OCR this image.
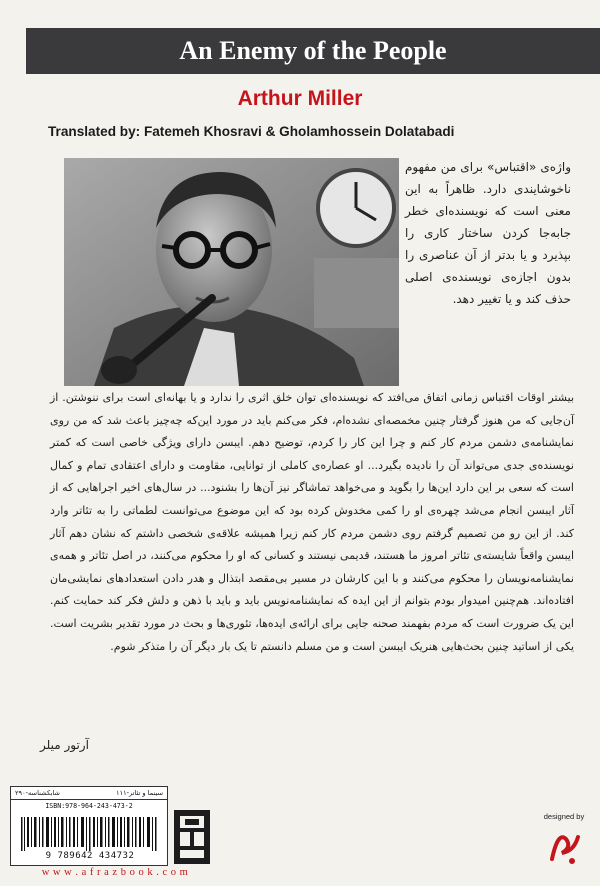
An Enemy of the People
Arthur Miller
Translated by: Fatemeh Khosravi & Gholamhossein Dolatabadi
واژه‌ی «اقتباس» برای من مفهوم ناخوشایندی دارد. ظاهراً به این معنی است که نویسنده‌ای خطر جابه‌جا کردن ساختار کاری را بپذیرد و یا بدتر از آن عناصری را بدون اجازه‌ی نویسنده‌ی اصلی حذف کند و یا تغییر دهد.
بیشتر اوقات اقتباس زمانی اتفاق می‌افتد که نویسنده‌ای توان خلق اثری را ندارد و یا بهانه‌ای است برای ننوشتن. از آن‌جایی که من هنوز گرفتار چنین مخمصه‌ای نشده‌ام، فکر می‌کنم باید در مورد این‌که چه‌چیز باعث شد که من روی نمایشنامه‌ی دشمن مردم کار کنم و چرا این کار را کردم، توضیح دهم. ایبسن دارای ویژگی خاصی است که کمتر نویسنده‌ی جدی می‌تواند آن را نادیده بگیرد... او عصاره‌ی کاملی از توانایی، مقاومت و دارای اعتقادی تمام و کمال است که سعی بر این دارد این‌ها را بگوید و می‌خواهد تماشاگر نیز آن‌ها را بشنود... در سال‌های اخیر اجراهایی که از آثار ایبسن انجام می‌شد چهره‌ی او را کمی مخدوش کرده بود که این موضوع می‌توانست لطماتی را به تئاتر وارد کند. از این رو من تصمیم گرفتم روی دشمن مردم کار کنم زیرا همیشه علاقه‌ی شخصی داشتم که نشان دهم آثار ایبسن واقعاً شایسته‌ی تئاتر امروز ما هستند، قدیمی نیستند و کسانی که او را محکوم می‌کنند، در اصل تئاتر و همه‌ی نمایشنامه‌نویسان را محکوم می‌کنند و با این کارشان در مسیر بی‌مقصد ابتذال و هدر دادن استعدادهای نمایشی‌مان افتاده‌اند. هم‌چنین امیدوار بودم بتوانم از این ایده که نمایشنامه‌نویس باید و باید با ذهن و دلش فکر کند حمایت کنم. این یک ضرورت است که مردم بفهمند صحنه جایی برای ارائه‌ی ایده‌ها، تئوری‌ها و بحث در مورد تقدیر بشریت است. یکی از اساتید چنین بحث‌هایی هنریک ایبسن است و من مسلم دانستم تا یک بار دیگر آن را متذکر شوم.
آرتور میلر
سینما و تئاتر-۱۱۱
شابکشناسه-۲۹۰
ISBN:978-964-243-473-2
9 789642 434732
w w w . a f r a z b o o k . c o m
designed by
